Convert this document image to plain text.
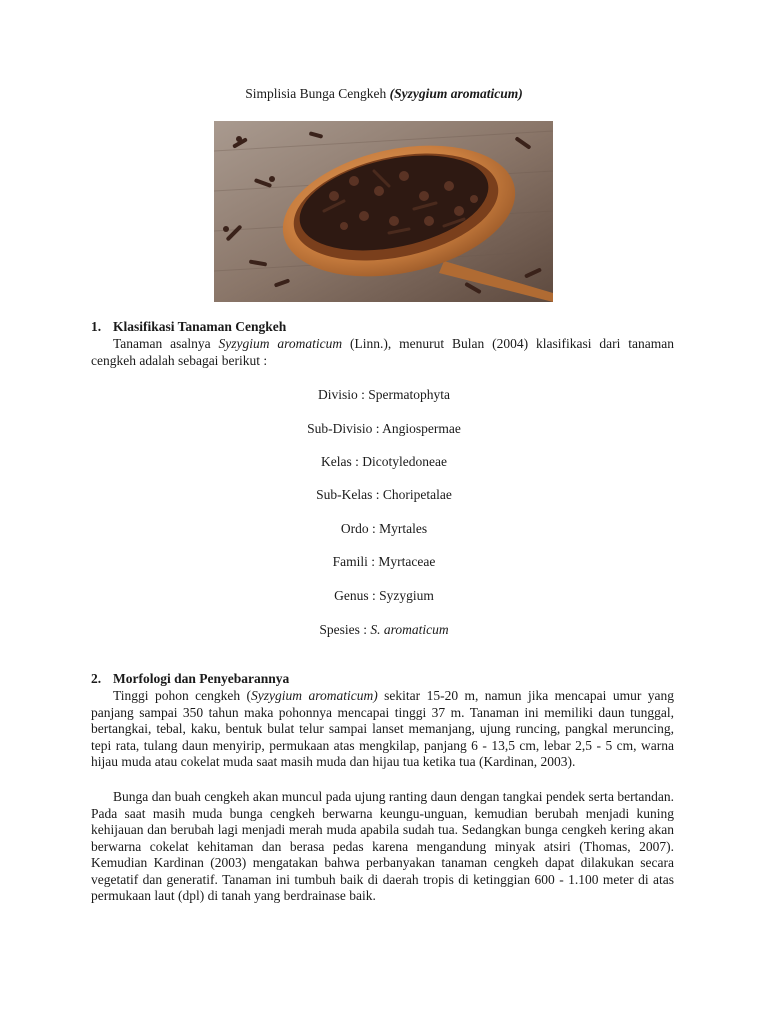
Simplisia Bunga Cengkeh (Syzygium aromaticum)
1. Klasifikasi Tanaman Cengkeh
Tanaman asalnya Syzygium aromaticum (Linn.), menurut Bulan (2004) klasifikasi dari tanaman cengkeh adalah sebagai berikut :
Divisio : Spermatophyta
Sub-Divisio : Angiospermae
Kelas : Dicotyledoneae
Sub-Kelas : Choripetalae
Ordo : Myrtales
Famili : Myrtaceae
Genus : Syzygium
Spesies : S. aromaticum
2. Morfologi dan Penyebarannya
Tinggi pohon cengkeh (Syzygium aromaticum) sekitar 15-20 m, namun jika mencapai umur yang panjang sampai 350 tahun maka pohonnya mencapai tinggi 37 m. Tanaman ini memiliki daun tunggal, bertangkai, tebal, kaku, bentuk bulat telur sampai lanset memanjang, ujung runcing, pangkal meruncing, tepi rata, tulang daun menyirip, permukaan atas mengkilap, panjang 6 - 13,5 cm, lebar 2,5 - 5 cm, warna hijau muda atau cokelat muda saat masih muda dan hijau tua ketika tua (Kardinan, 2003).
Bunga dan buah cengkeh akan muncul pada ujung ranting daun dengan tangkai pendek serta bertandan. Pada saat masih muda bunga cengkeh berwarna keungu-unguan, kemudian berubah menjadi kuning kehijauan dan berubah lagi menjadi merah muda apabila sudah tua. Sedangkan bunga cengkeh kering akan berwarna cokelat kehitaman dan berasa pedas karena mengandung minyak atsiri (Thomas, 2007). Kemudian Kardinan (2003) mengatakan bahwa perbanyakan tanaman cengkeh dapat dilakukan secara vegetatif dan generatif. Tanaman ini tumbuh baik di daerah tropis di ketinggian 600 - 1.100 meter di atas permukaan laut (dpl) di tanah yang berdrainase baik.
